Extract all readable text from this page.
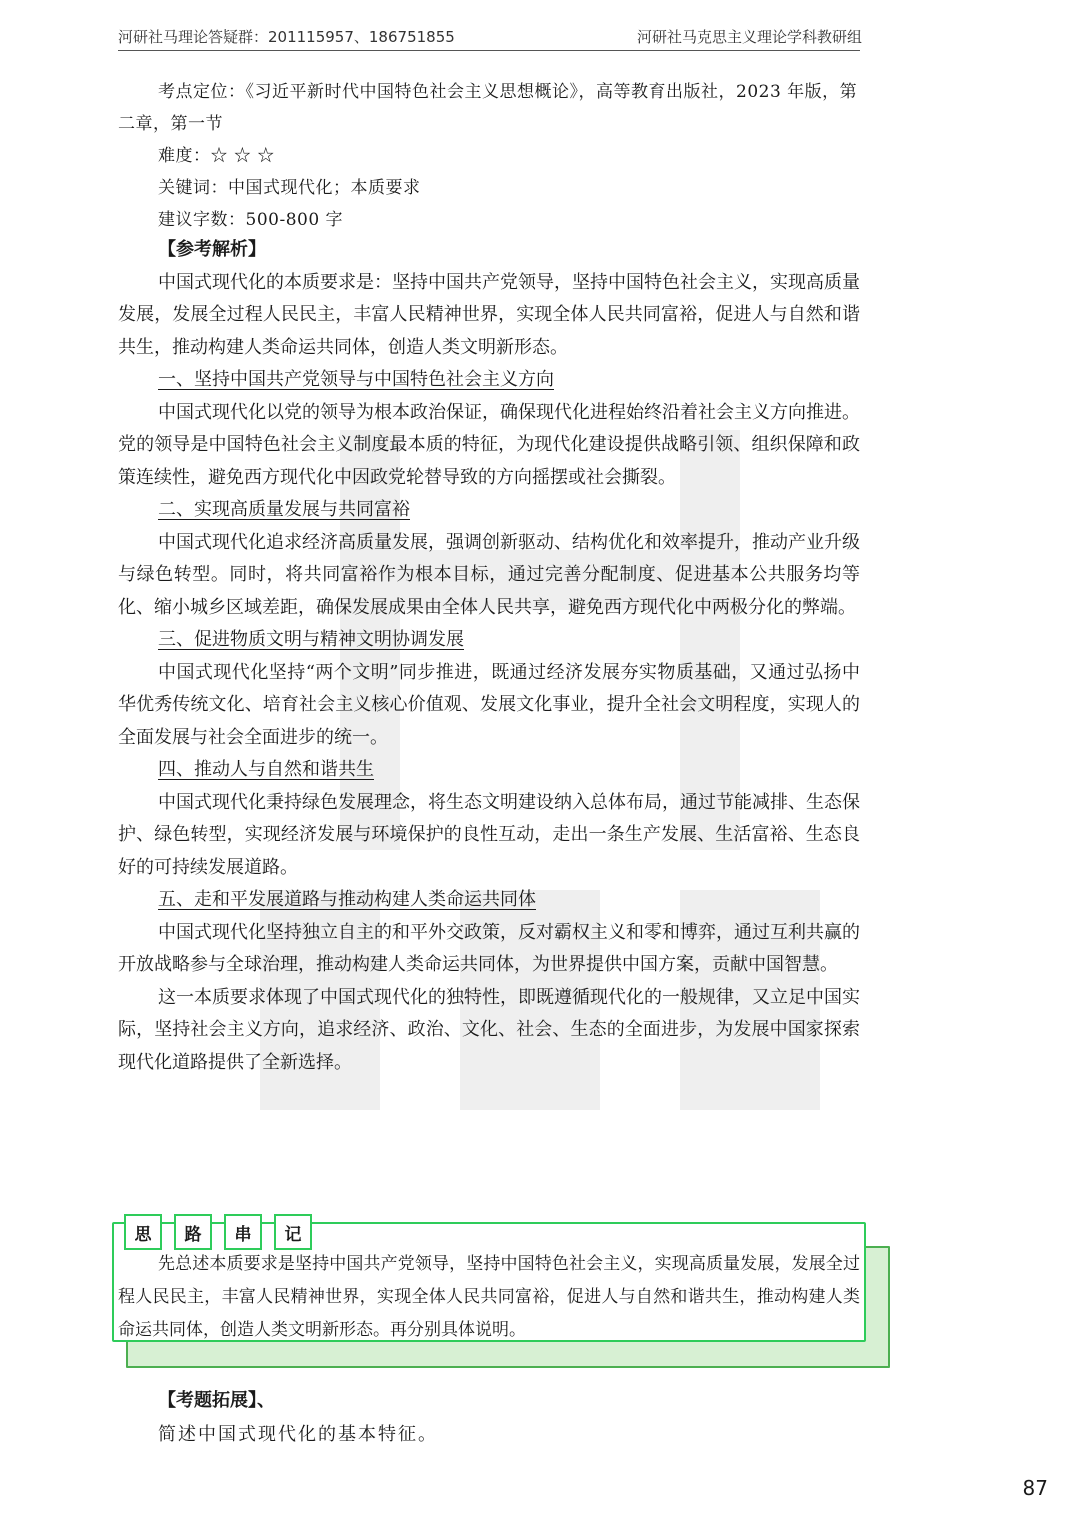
河研社马理论答疑群：201115957、186751855	河研社马克思主义理论学科教研组

考点定位：《习近平新时代中国特色社会主义思想概论》，高等教育出版社，2023 年版，第二章，第一节

难度：☆ ☆ ☆

关键词：中国式现代化；本质要求

建议字数：500-800 字

【参考解析】

中国式现代化的本质要求是：坚持中国共产党领导，坚持中国特色社会主义，实现高质量发展，发展全过程人民民主，丰富人民精神世界，实现全体人民共同富裕，促进人与自然和谐共生，推动构建人类命运共同体，创造人类文明新形态。

一、坚持中国共产党领导与中国特色社会主义方向

中国式现代化以党的领导为根本政治保证，确保现代化进程始终沿着社会主义方向推进。党的领导是中国特色社会主义制度最本质的特征，为现代化建设提供战略引领、组织保障和政策连续性，避免西方现代化中因政党轮替导致的方向摇摆或社会撕裂。

二、实现高质量发展与共同富裕

中国式现代化追求经济高质量发展，强调创新驱动、结构优化和效率提升，推动产业升级与绿色转型。同时，将共同富裕作为根本目标，通过完善分配制度、促进基本公共服务均等化、缩小城乡区域差距，确保发展成果由全体人民共享，避免西方现代化中两极分化的弊端。

三、促进物质文明与精神文明协调发展

中国式现代化坚持“两个文明”同步推进，既通过经济发展夯实物质基础，又通过弘扬中华优秀传统文化、培育社会主义核心价值观、发展文化事业，提升全社会文明程度，实现人的全面发展与社会全面进步的统一。

四、推动人与自然和谐共生

中国式现代化秉持绿色发展理念，将生态文明建设纳入总体布局，通过节能减排、生态保护、绿色转型，实现经济发展与环境保护的良性互动，走出一条生产发展、生活富裕、生态良好的可持续发展道路。

五、走和平发展道路与推动构建人类命运共同体

中国式现代化坚持独立自主的和平外交政策，反对霸权主义和零和博弈，通过互利共赢的开放战略参与全球治理，推动构建人类命运共同体，为世界提供中国方案，贡献中国智慧。

这一本质要求体现了中国式现代化的独特性，即既遵循现代化的一般规律，又立足中国实际，坚持社会主义方向，追求经济、政治、文化、社会、生态的全面进步，为发展中国家探索现代化道路提供了全新选择。

思	路	串	记

先总述本质要求是坚持中国共产党领导，坚持中国特色社会主义，实现高质量发展，发展全过程人民民主，丰富人民精神世界，实现全体人民共同富裕，促进人与自然和谐共生，推动构建人类命运共同体，创造人类文明新形态。再分别具体说明。

【考题拓展】、

简述中国式现代化的基本特征。

87
